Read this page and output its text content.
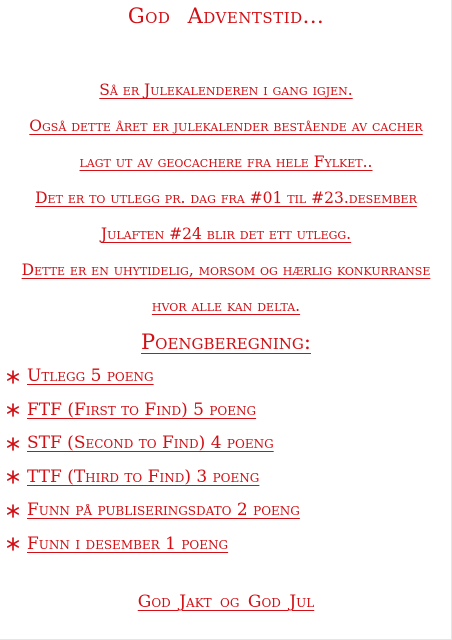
God Adventstid...
Så er Julekalenderen i gang igjen.
Også dette året er julekalender bestående av cacher
lagt ut av geocachere fra hele Fylket..
Det er to utlegg pr. dag fra #01 til #23.desember
Julaften #24 blir det ett utlegg.
Dette er en uhytidelig, morsom og hærlig konkurranse
hvor alle kan delta.
Poengberegning:
Utlegg 5 poeng
FTF (First to Find) 5 poeng
STF (Second to Find) 4 poeng
TTF (Third to Find) 3 poeng
Funn på publiseringsdato 2 poeng
Funn i desember 1 poeng
God Jakt og God Jul
